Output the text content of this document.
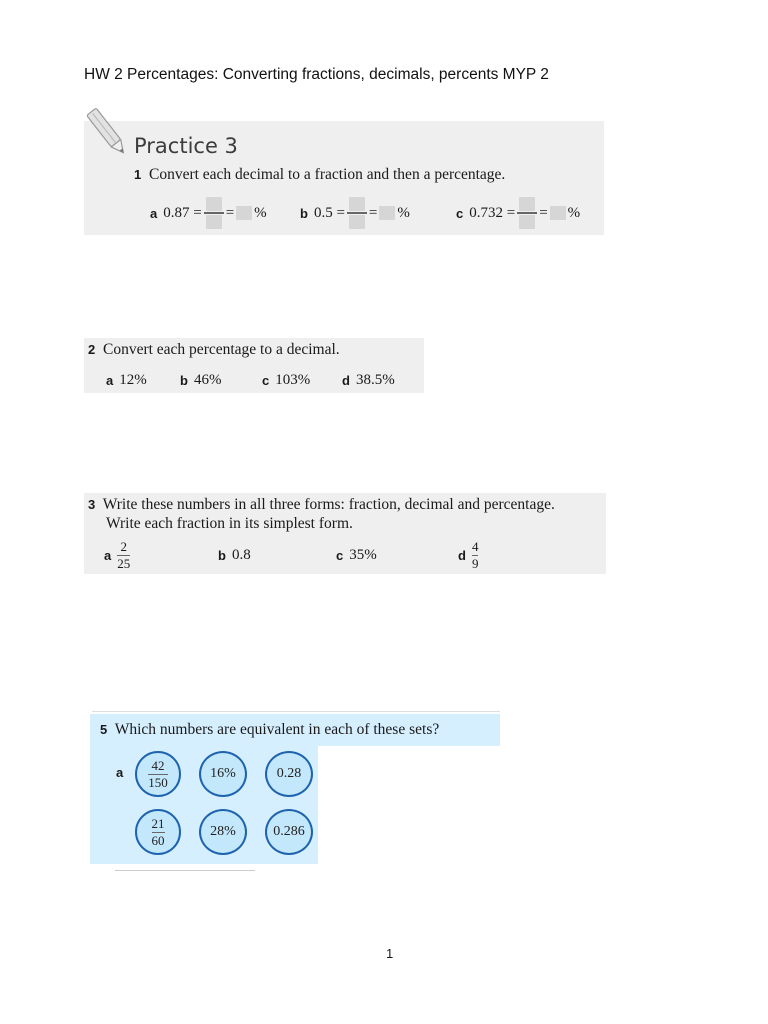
HW 2 Percentages: Converting fractions, decimals, percents MYP 2
Practice 3
1 Convert each decimal to a fraction and then a percentage.
a 0.87 = = %	b 0.5 = = %	c 0.732 = = %
2 Convert each percentage to a decimal.
a 12%	b 46%	c 103% d 38.5%
3 Write these numbers in all three forms: fraction, decimal and percentage.
Write each fraction in its simplest form.
a
2
25
b 0.8	c 35%	d
4
9
5 Which numbers are equivalent in each of these sets?
a 42
150
16%	0.28
21
60
28%	0.286
1
